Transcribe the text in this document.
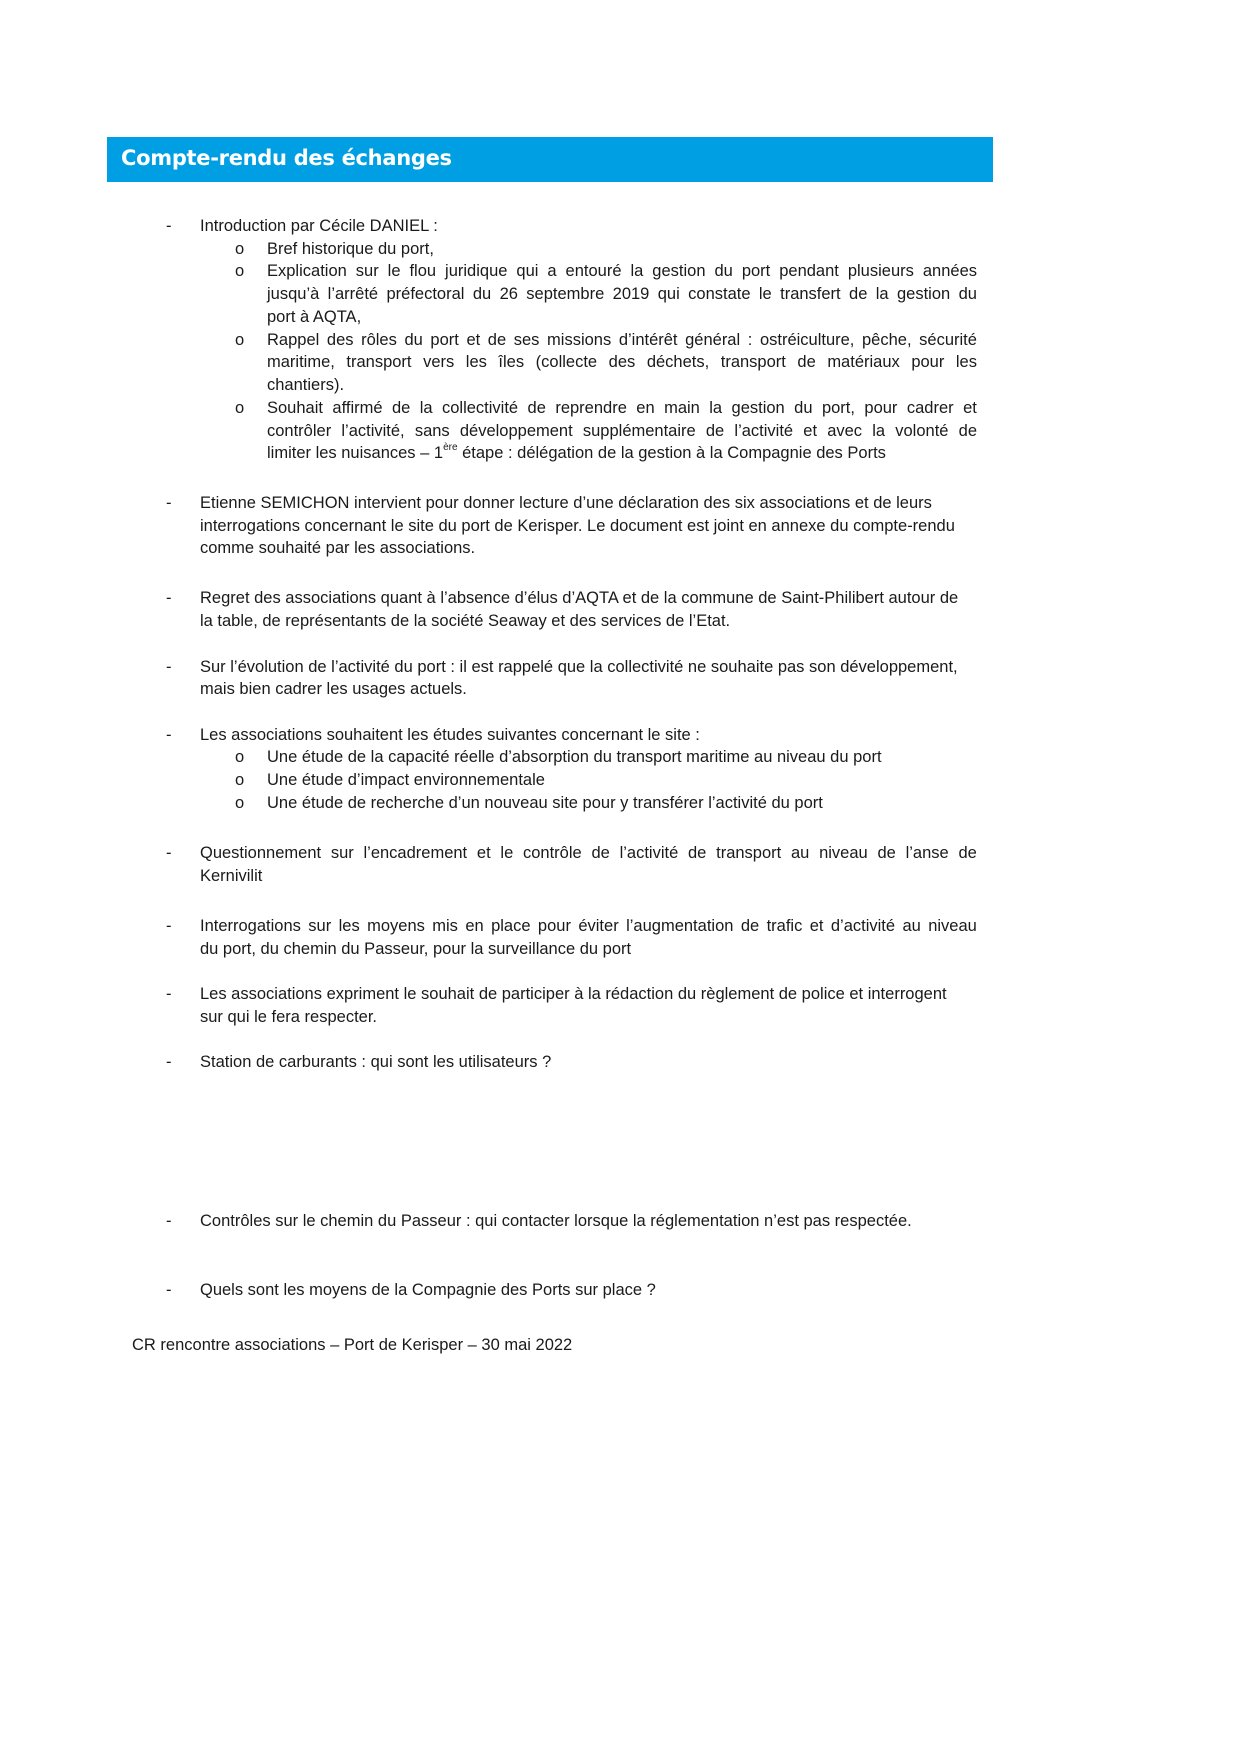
Compte-rendu des échanges
- Introduction par Cécile DANIEL :
o Bref historique du port,
o Explication sur le flou juridique qui a entouré la gestion du port pendant plusieurs années
jusqu’à l’arrêté préfectoral du 26 septembre 2019 qui constate le transfert de la gestion du
port à AQTA,
o Rappel des rôles du port et de ses missions d’intérêt général : ostréiculture, pêche, sécurité
maritime, transport vers les îles (collecte des déchets, transport de matériaux pour les
chantiers).
o Souhait affirmé de la collectivité de reprendre en main la gestion du port, pour cadrer et
contrôler l’activité, sans développement supplémentaire de l’activité et avec la volonté de
limiter les nuisances – 1ère étape : délégation de la gestion à la Compagnie des Ports
- Etienne SEMICHON intervient pour donner lecture d’une déclaration des six associations et de leurs
interrogations concernant le site du port de Kerisper. Le document est joint en annexe du compte-rendu
comme souhaité par les associations.
- Regret des associations quant à l’absence d’élus d’AQTA et de la commune de Saint-Philibert autour de
la table, de représentants de la société Seaway et des services de l’Etat.
- Sur l’évolution de l’activité du port : il est rappelé que la collectivité ne souhaite pas son développement,
mais bien cadrer les usages actuels.
- Les associations souhaitent les études suivantes concernant le site :
o Une étude de la capacité réelle d’absorption du transport maritime au niveau du port
o Une étude d’impact environnementale
o Une étude de recherche d’un nouveau site pour y transférer l’activité du port
- Questionnement sur l’encadrement et le contrôle de l’activité de transport au niveau de l’anse de
Kernivilit
- Interrogations sur les moyens mis en place pour éviter l’augmentation de trafic et d’activité au niveau
du port, du chemin du Passeur, pour la surveillance du port
- Les associations expriment le souhait de participer à la rédaction du règlement de police et interrogent
sur qui le fera respecter.
- Station de carburants : qui sont les utilisateurs ?
- Contrôles sur le chemin du Passeur : qui contacter lorsque la réglementation n’est pas respectée.
- Quels sont les moyens de la Compagnie des Ports sur place ?
CR rencontre associations – Port de Kerisper – 30 mai 2022
